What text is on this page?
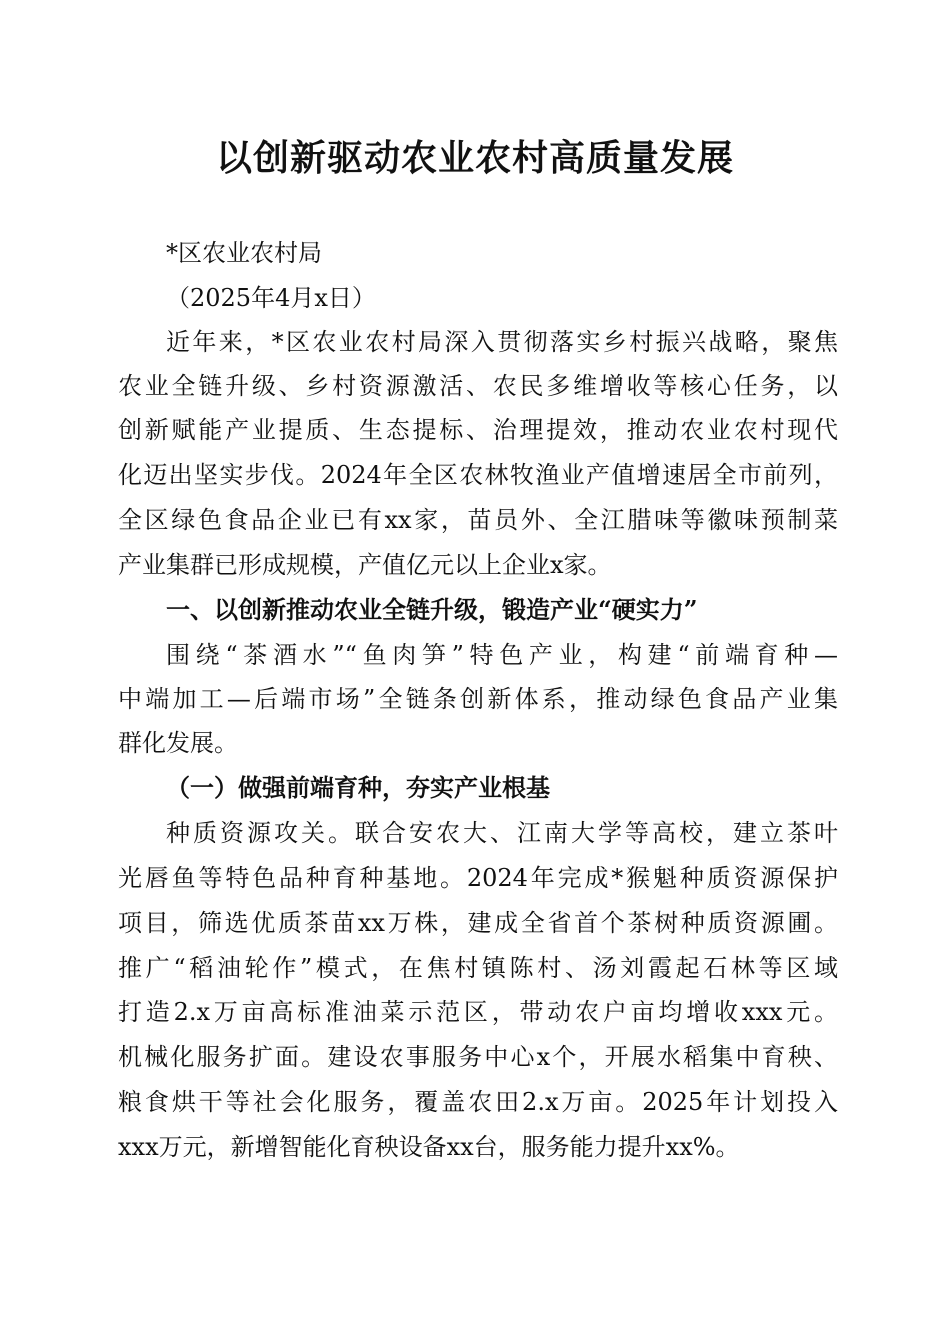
以创新驱动农业农村高质量发展

*区农业农村局

（2025年4月x日）

近年来，*区农业农村局深入贯彻落实乡村振兴战略，聚焦

农业全链升级、乡村资源激活、农民多维增收等核心任务，以

创新赋能产业提质、生态提标、治理提效，推动农业农村现代

化迈出坚实步伐。2024年全区农林牧渔业产值增速居全市前列，

全区绿色食品企业已有xx家，苗员外、全江腊味等徽味预制菜

产业集群已形成规模，产值亿元以上企业x家。

一、以创新推动农业全链升级，锻造产业“硬实力”

围绕“茶酒水”“鱼肉笋”特色产业，构建“前端育种—

中端加工—后端市场”全链条创新体系，推动绿色食品产业集

群化发展。

（一）做强前端育种，夯实产业根基

种质资源攻关。联合安农大、江南大学等高校，建立茶叶

光唇鱼等特色品种育种基地。2024年完成*猴魁种质资源保护

项目，筛选优质茶苗xx万株，建成全省首个茶树种质资源圃。

推广“稻油轮作”模式，在焦村镇陈村、汤刘霞起石林等区域

打造2.x万亩高标准油菜示范区，带动农户亩均增收xxx元。

机械化服务扩面。建设农事服务中心x个，开展水稻集中育秧、

粮食烘干等社会化服务，覆盖农田2.x万亩。2025年计划投入

xxx万元，新增智能化育秧设备xx台，服务能力提升xx%。
